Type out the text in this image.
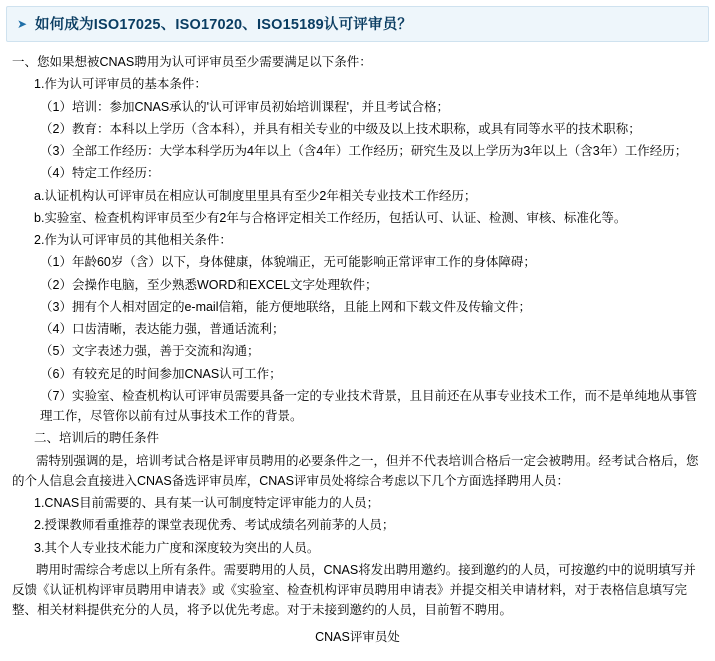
➤ 如何成为ISO17025、ISO17020、ISO15189认可评审员？

一、您如果想被CNAS聘用为认可评审员至少需要满足以下条件：

1.作为认可评审员的基本条件：

（1）培训：参加CNAS承认的'认可评审员初始培训课程'，并且考试合格；

（2）教育：本科以上学历（含本科），并具有相关专业的中级及以上技术职称，或具有同等水平的技术职称；

（3）全部工作经历：大学本科学历为4年以上（含4年）工作经历；研究生及以上学历为3年以上（含3年）工作经历；

（4）特定工作经历：

a.认证机构认可评审员在相应认可制度里里具有至少2年相关专业技术工作经历；

b.实验室、检查机构评审员至少有2年与合格评定相关工作经历，包括认可、认证、检测、审核、标准化等。

2.作为认可评审员的其他相关条件：

（1）年龄60岁（含）以下，身体健康，体貌端正，无可能影响正常评审工作的身体障碍；

（2）会操作电脑，至少熟悉WORD和EXCEL文字处理软件；

（3）拥有个人相对固定的e-mail信箱，能方便地联络，且能上网和下载文件及传输文件；

（4）口齿清晰，表达能力强，普通话流利；

（5）文字表述力强，善于交流和沟通；

（6）有较充足的时间参加CNAS认可工作；

（7）实验室、检查机构认可评审员需要具备一定的专业技术背景，且目前还在从事专业技术工作，而不是单纯地从事管理工作，尽管你以前有过从事技术工作的背景。

二、培训后的聘任条件

需特别强调的是，培训考试合格是评审员聘用的必要条件之一，但并不代表培训合格后一定会被聘用。经考试合格后，您的个人信息会直接进入CNAS备选评审员库，CNAS评审员处将综合考虑以下几个方面选择聘用人员：

1.CNAS目前需要的、具有某一认可制度特定评审能力的人员；

2.授课教师看重推荐的课堂表现优秀、考试成绩名列前茅的人员；

3.其个人专业技术能力广度和深度较为突出的人员。

聘用时需综合考虑以上所有条件。需要聘用的人员，CNAS将发出聘用邀约。接到邀约的人员，可按邀约中的说明填写并反馈《认证机构评审员聘用申请表》或《实验室、检查机构评审员聘用申请表》并提交相关申请材料，对于表格信息填写完整、相关材料提供充分的人员，将予以优先考虑。对于未接到邀约的人员，目前暂不聘用。

CNAS评审员处
